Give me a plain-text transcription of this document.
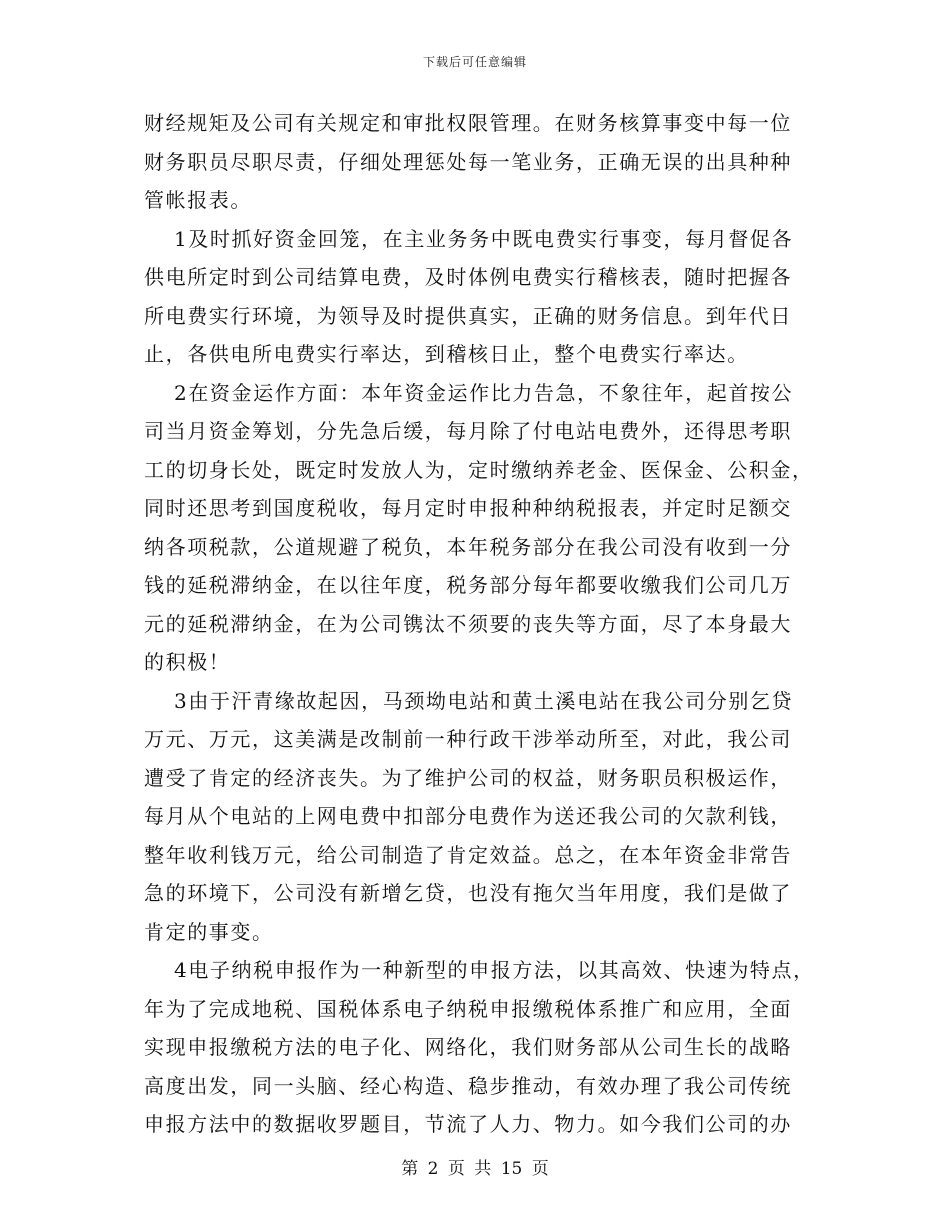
下载后可任意编辑
财经规矩及公司有关规定和审批权限管理。在财务核算事变中每一位
财务职员尽职尽责，仔细处理惩处每一笔业务，正确无误的出具种种
管帐报表。
1及时抓好资金回笼，在主业务务中既电费实行事变，每月督促各
供电所定时到公司结算电费，及时体例电费实行稽核表，随时把握各
所电费实行环境，为领导及时提供真实，正确的财务信息。到年代日
止，各供电所电费实行率达，到稽核日止，整个电费实行率达。
2在资金运作方面：本年资金运作比力告急，不象往年，起首按公
司当月资金筹划，分先急后缓，每月除了付电站电费外，还得思考职
工的切身长处，既定时发放人为，定时缴纳养老金、医保金、公积金，
同时还思考到国度税收，每月定时申报种种纳税报表，并定时足额交
纳各项税款，公道规避了税负，本年税务部分在我公司没有收到一分
钱的延税滞纳金，在以往年度，税务部分每年都要收缴我们公司几万
元的延税滞纳金，在为公司镌汰不须要的丧失等方面，尽了本身最大
的积极！
3由于汗青缘故起因，马颈坳电站和黄土溪电站在我公司分别乞贷
万元、万元，这美满是改制前一种行政干涉举动所至，对此，我公司
遭受了肯定的经济丧失。为了维护公司的权益，财务职员积极运作，
每月从个电站的上网电费中扣部分电费作为送还我公司的欠款利钱，
整年收利钱万元，给公司制造了肯定效益。总之，在本年资金非常告
急的环境下，公司没有新增乞贷，也没有拖欠当年用度，我们是做了
肯定的事变。
4电子纳税申报作为一种新型的申报方法，以其高效、快速为特点，
年为了完成地税、国税体系电子纳税申报缴税体系推广和应用，全面
实现申报缴税方法的电子化、网络化，我们财务部从公司生长的战略
高度出发，同一头脑、经心构造、稳步推动，有效办理了我公司传统
申报方法中的数据收罗题目，节流了人力、物力。如今我们公司的办
第 2 页 共 15 页
